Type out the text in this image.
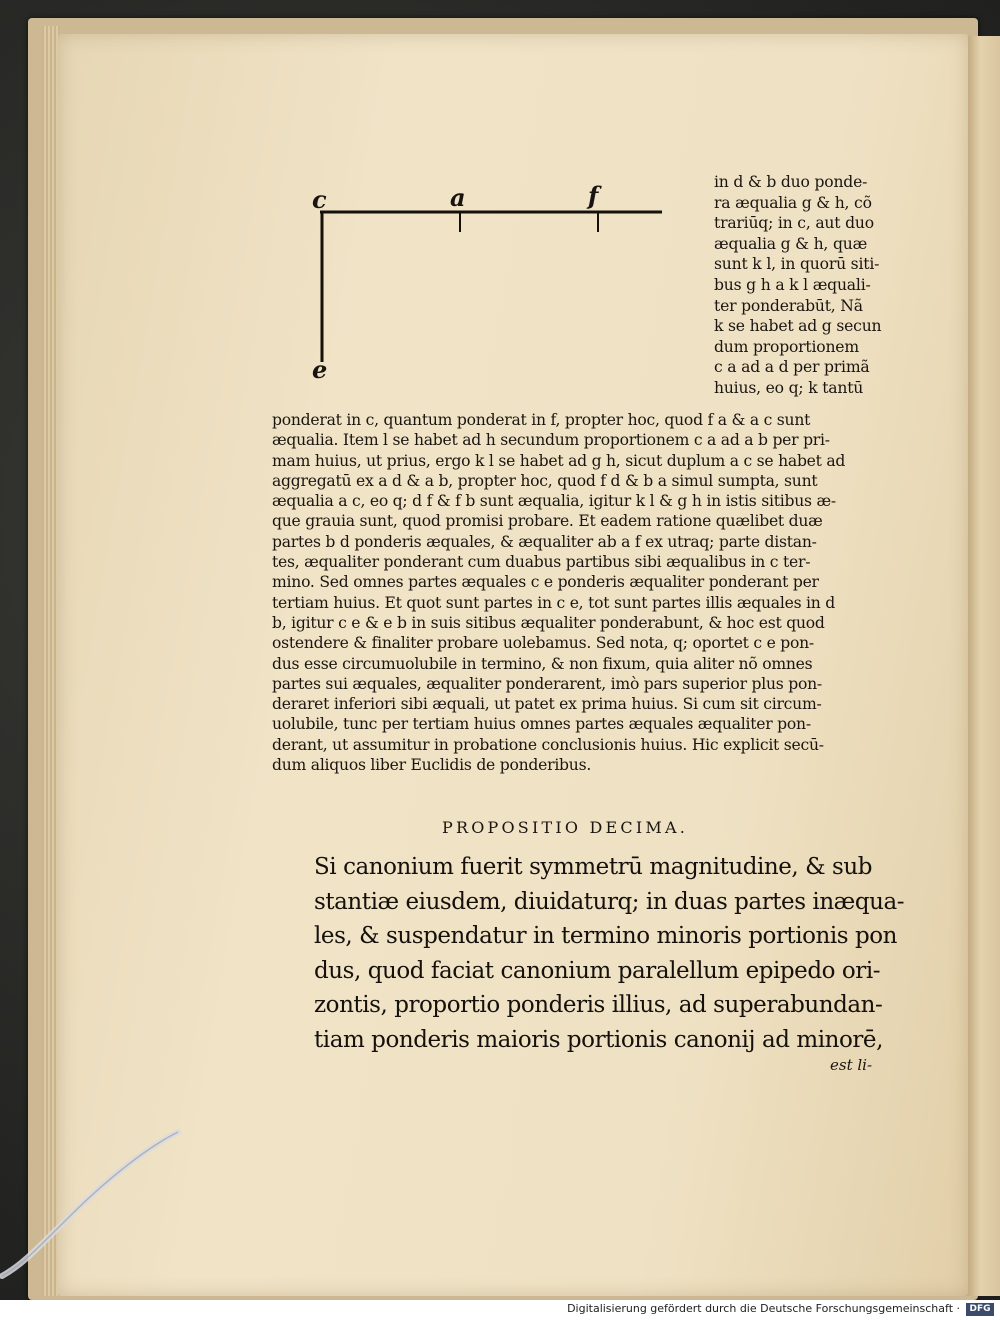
c	a	f
e
in d & b duo ponde-
ra æqualia g & h, cõ
trariūq; in c, aut duo
æqualia g & h, quæ
sunt k l, in quorū siti-
bus g h a k l æquali-
ter ponderabūt, Nã
k se habet ad g secun
dum proportionem
c a ad a d per primã
huius, eo q; k tantū
ponderat in c, quantum ponderat in f, propter hoc, quod f a & a c sunt
æqualia. Item l se habet ad h secundum proportionem c a ad a b per pri-
mam huius, ut prius, ergo k l se habet ad g h, sicut duplum a c se habet ad
aggregatū ex a d & a b, propter hoc, quod f d & b a simul sumpta, sunt
æqualia a c, eo q; d f & f b sunt æqualia, igitur k l & g h in istis sitibus æ-
que grauia sunt, quod promisi probare. Et eadem ratione quælibet duæ
partes b d ponderis æquales, & æqualiter ab a f ex utraq; parte distan-
tes, æqualiter ponderant cum duabus partibus sibi æqualibus in c ter-
mino. Sed omnes partes æquales c e ponderis æqualiter ponderant per
tertiam huius. Et quot sunt partes in c e, tot sunt partes illis æquales in d
b, igitur c e & e b in suis sitibus æqualiter ponderabunt, & hoc est quod
ostendere & finaliter probare uolebamus. Sed nota, q; oportet c e pon-
dus esse circumuolubile in termino, & non fixum, quia aliter nõ omnes
partes sui æquales, æqualiter ponderarent, imò pars superior plus pon-
deraret inferiori sibi æquali, ut patet ex prima huius. Si cum sit circum-
uolubile, tunc per tertiam huius omnes partes æquales æqualiter pon-
derant, ut assumitur in probatione conclusionis huius. Hic explicit secū-
dum aliquos liber Euclidis de ponderibus.
PROPOSITIO DECIMA.
Si canonium fuerit symmetrū magnitudine, & sub
stantiæ eiusdem, diuidaturq; in duas partes inæqua-
les, & suspendatur in termino minoris portionis pon
dus, quod faciat canonium paralellum epipedo ori-
zontis, proportio ponderis illius, ad superabundan-
tiam ponderis maioris portionis canonij ad minorē,
est li-
Digitalisierung gefördert durch die Deutsche Forschungsgemeinschaft ·	DFG
